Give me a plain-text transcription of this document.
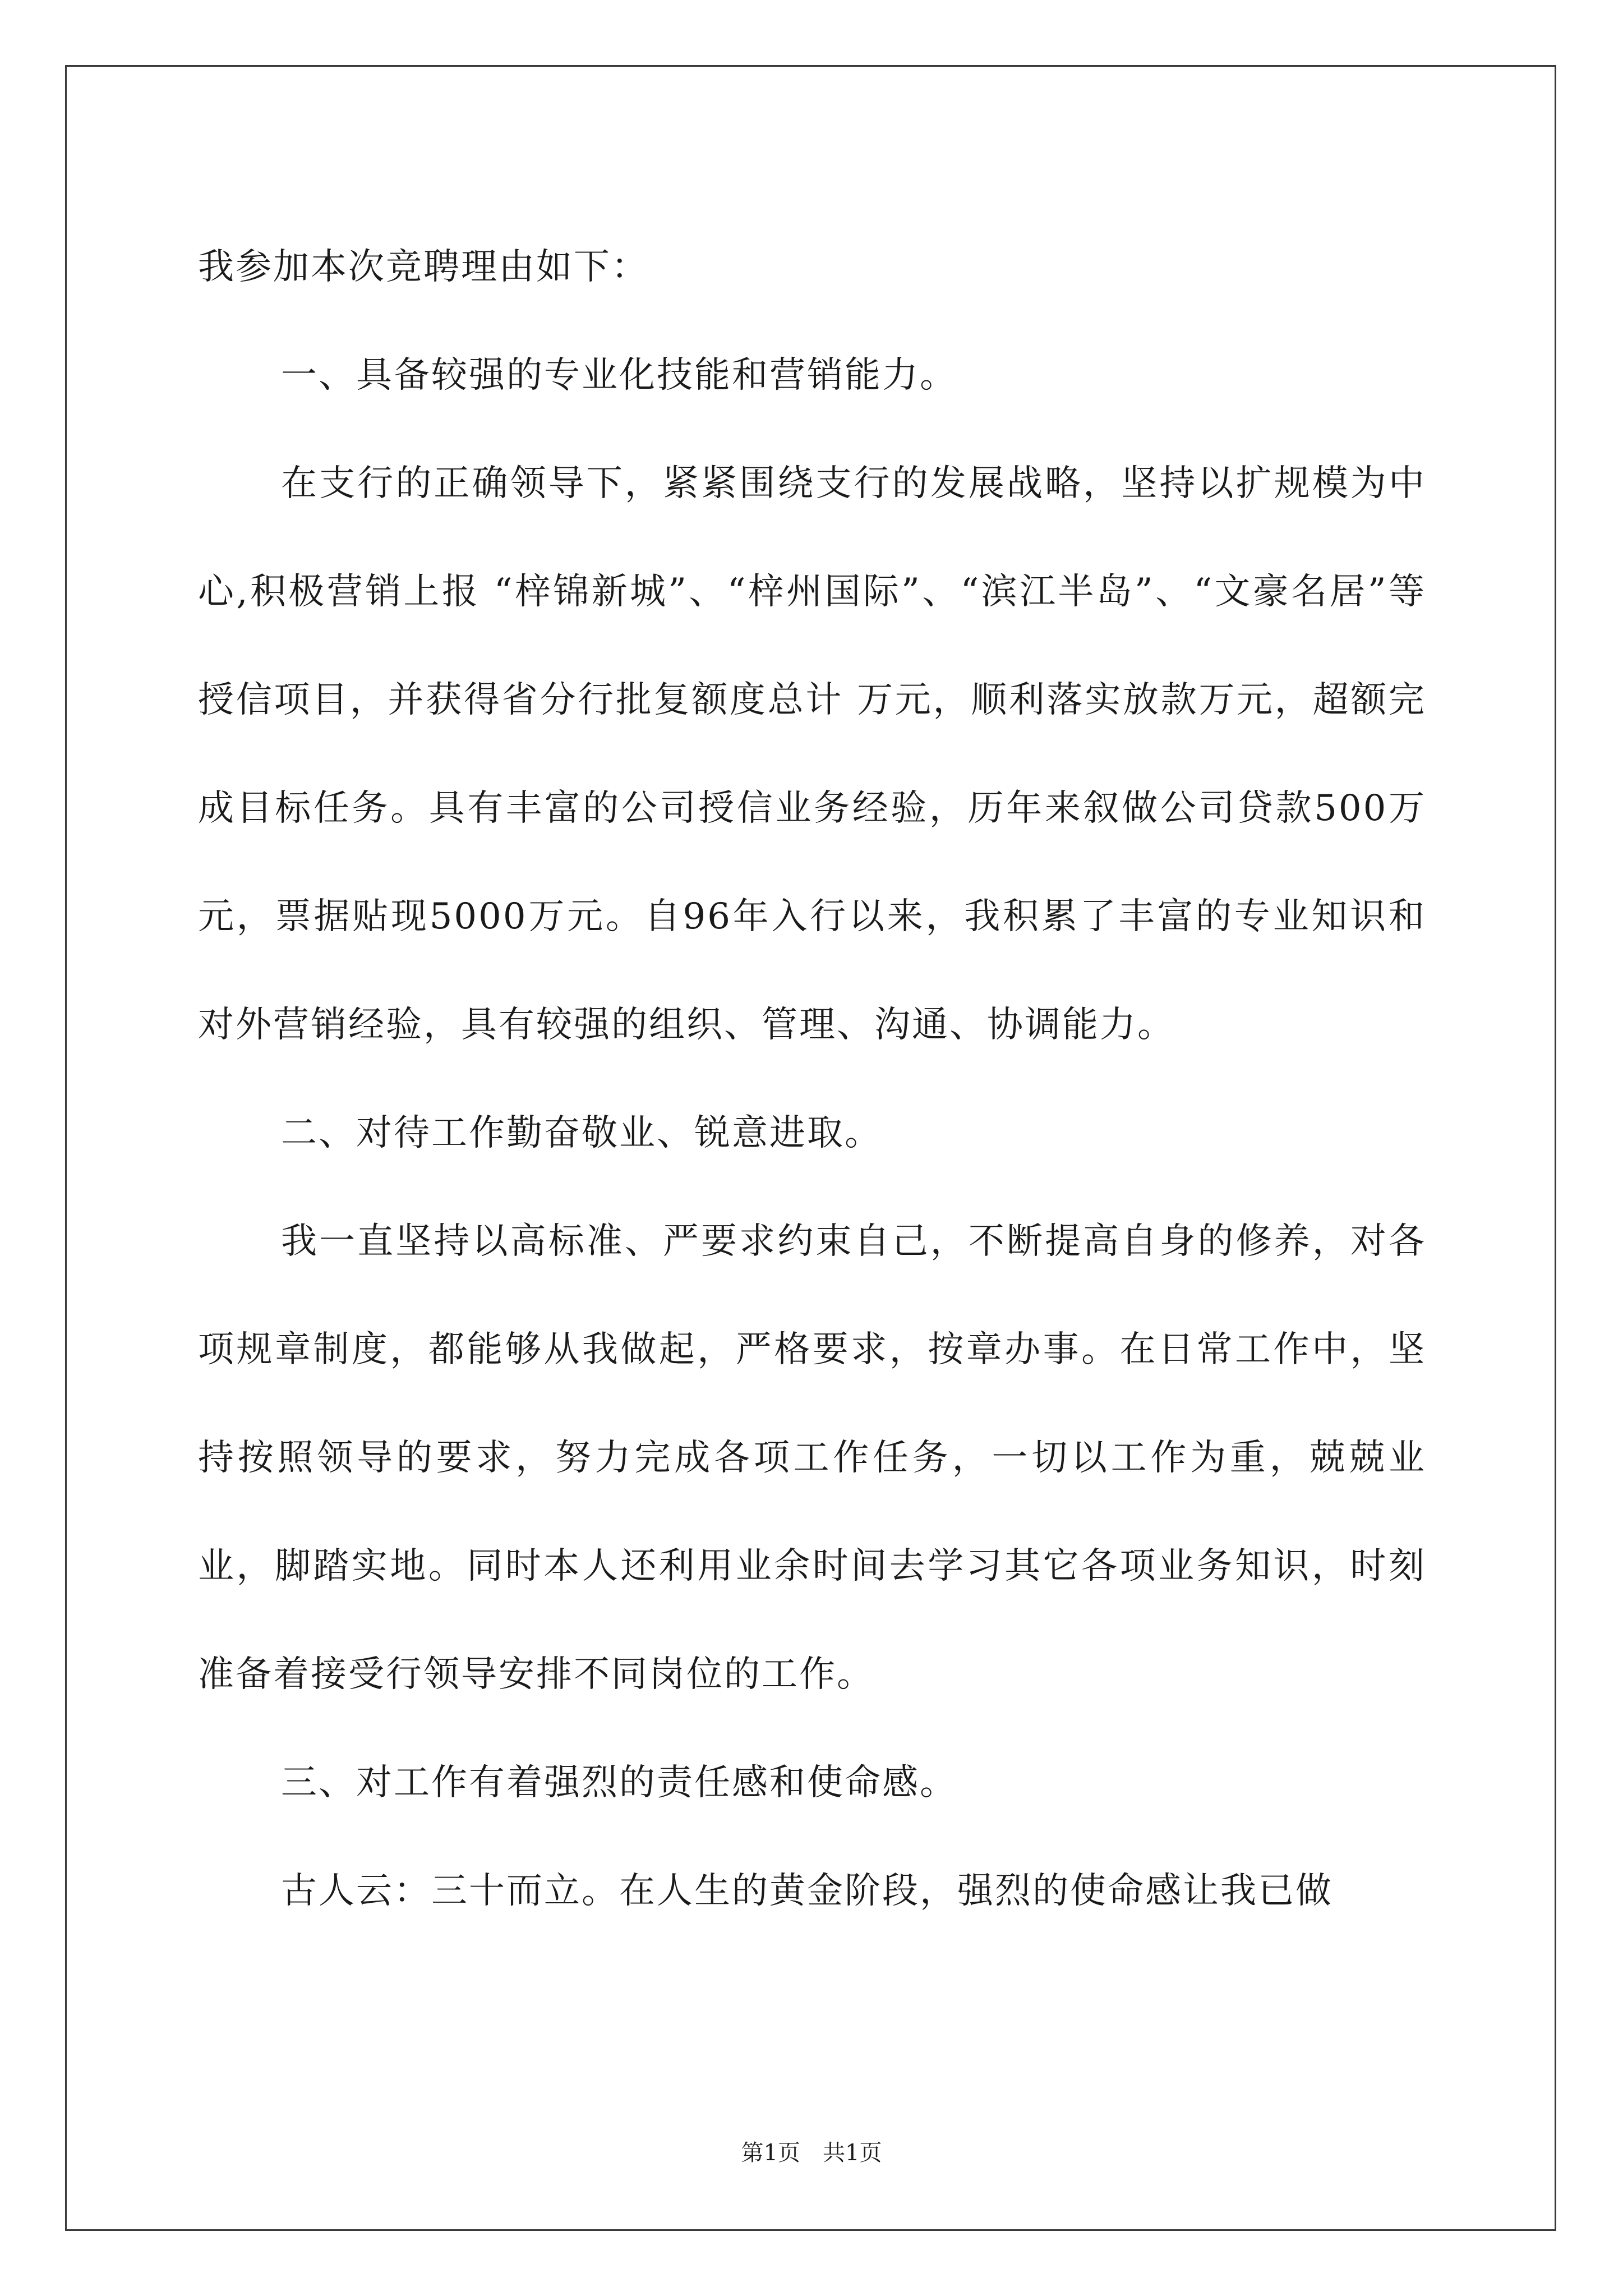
我参加本次竞聘理由如下：

一、具备较强的专业化技能和营销能力。

在支行的正确领导下，紧紧围绕支行的发展战略，坚持以扩规模为中心,积极营销上报 “梓锦新城”、“梓州国际”、“滨江半岛”、“文豪名居”等授信项目，并获得省分行批复额度总计 万元，顺利落实放款万元，超额完成目标任务。具有丰富的公司授信业务经验，历年来叙做公司贷款500万元，票据贴现5000万元。自96年入行以来，我积累了丰富的专业知识和对外营销经验，具有较强的组织、管理、沟通、协调能力。

二、对待工作勤奋敬业、锐意进取。

我一直坚持以高标准、严要求约束自己，不断提高自身的修养，对各项规章制度，都能够从我做起，严格要求，按章办事。在日常工作中，坚持按照领导的要求，努力完成各项工作任务，一切以工作为重，兢兢业业，脚踏实地。同时本人还利用业余时间去学习其它各项业务知识，时刻准备着接受行领导安排不同岗位的工作。

三、对工作有着强烈的责任感和使命感。

古人云：三十而立。在人生的黄金阶段，强烈的使命感让我已做

第1页 共1页
